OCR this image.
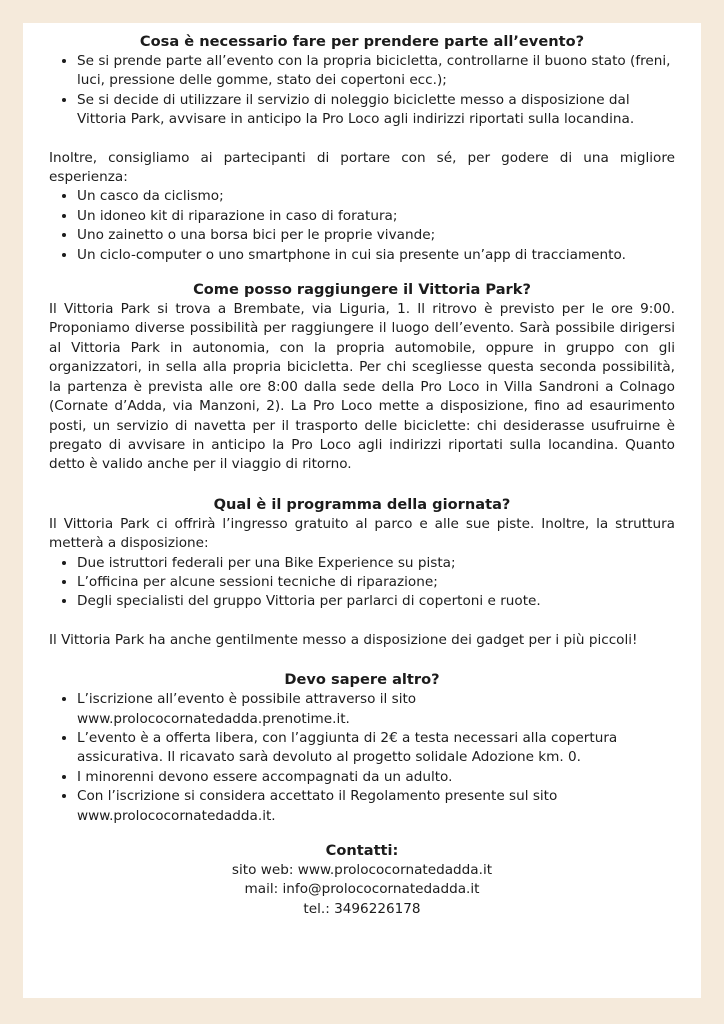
Cosa è necessario fare per prendere parte all’evento?
• Se si prende parte all’evento con la propria bicicletta, controllarne il buono stato (freni, luci, pressione delle gomme, stato dei copertoni ecc.);
• Se si decide di utilizzare il servizio di noleggio biciclette messo a disposizione dal Vittoria Park, avvisare in anticipo la Pro Loco agli indirizzi riportati sulla locandina.

Inoltre, consigliamo ai partecipanti di portare con sé, per godere di una migliore esperienza:

• Un casco da ciclismo;
• Un idoneo kit di riparazione in caso di foratura;
• Uno zainetto o una borsa bici per le proprie vivande;
• Un ciclo-computer o uno smartphone in cui sia presente un’app di tracciamento.
Come posso raggiungere il Vittoria Park?

Il Vittoria Park si trova a Brembate, via Liguria, 1. Il ritrovo è previsto per le ore 9:00. Proponiamo diverse possibilità per raggiungere il luogo dell’evento. Sarà possibile dirigersi al Vittoria Park in autonomia, con la propria automobile, oppure in gruppo con gli organizzatori, in sella alla propria bicicletta. Per chi scegliesse questa seconda possibilità, la partenza è prevista alle ore 8:00 dalla sede della Pro Loco in Villa Sandroni a Colnago (Cornate d’Adda, via Manzoni, 2). La Pro Loco mette a disposizione, fino ad esaurimento posti, un servizio di navetta per il trasporto delle biciclette: chi desiderasse usufruirne è pregato di avvisare in anticipo la Pro Loco agli indirizzi riportati sulla locandina. Quanto detto è valido anche per il viaggio di ritorno.

Qual è il programma della giornata?

Il Vittoria Park ci offrirà l’ingresso gratuito al parco e alle sue piste. Inoltre, la struttura metterà a disposizione:

• Due istruttori federali per una Bike Experience su pista;
• L’officina per alcune sessioni tecniche di riparazione;
• Degli specialisti del gruppo Vittoria per parlarci di copertoni e ruote.

Il Vittoria Park ha anche gentilmente messo a disposizione dei gadget per i più piccoli!

Devo sapere altro?
• L’iscrizione all’evento è possibile attraverso il sito www.prolococornatedadda.prenotime.it.
• L’evento è a offerta libera, con l’aggiunta di 2€ a testa necessari alla copertura assicurativa. Il ricavato sarà devoluto al progetto solidale Adozione km. 0.
• I minorenni devono essere accompagnati da un adulto.
• Con l’iscrizione si considera accettato il Regolamento presente sul sito www.prolococornatedadda.it.
Contatti:
sito web: www.prolococornatedadda.it
mail: info@prolococornatedadda.it
tel.: 3496226178
